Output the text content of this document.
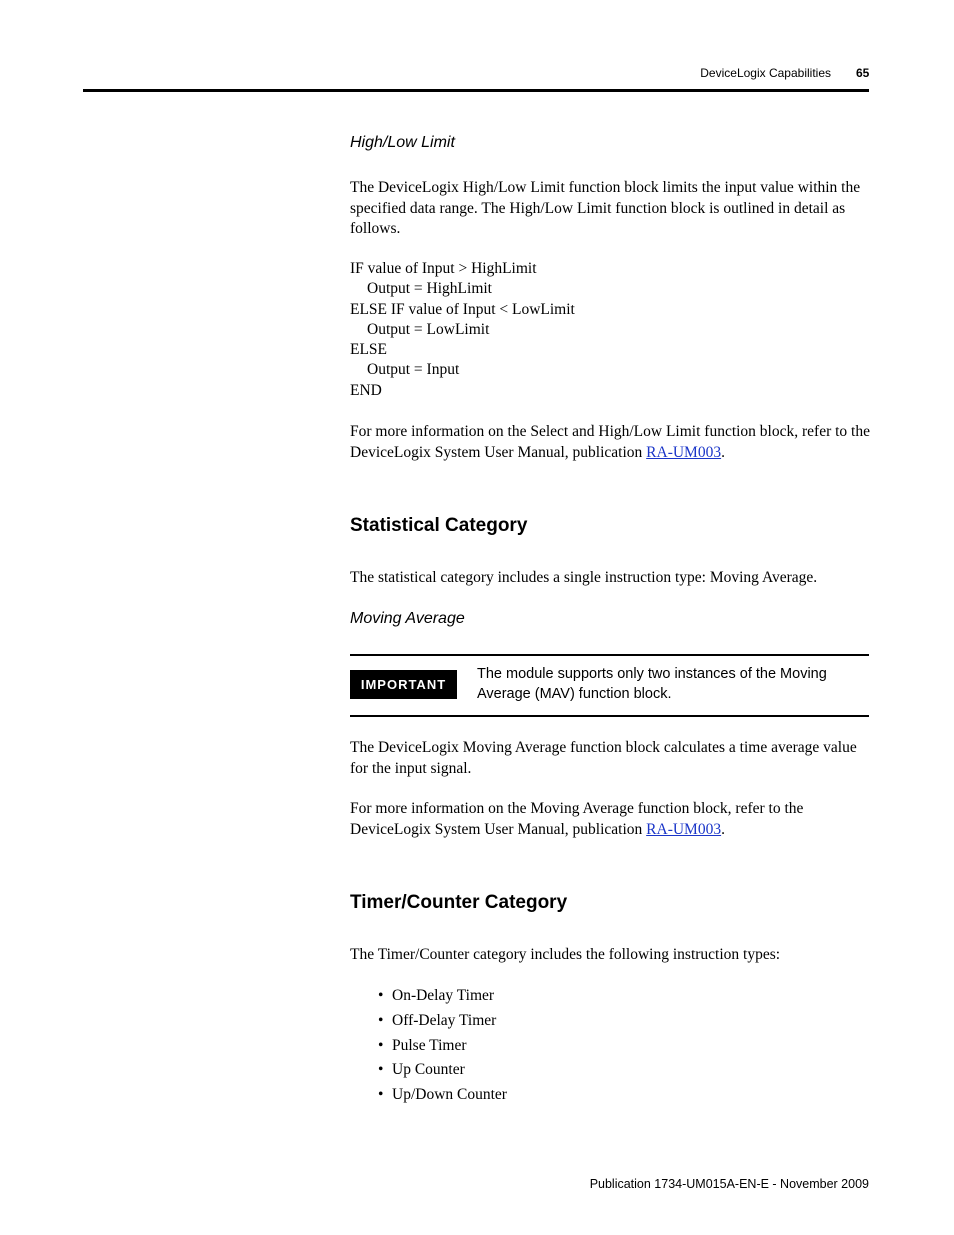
DeviceLogix Capabilities 65
High/Low Limit
The DeviceLogix High/Low Limit function block limits the input value within the specified data range. The High/Low Limit function block is outlined in detail as follows.
IF value of Input > HighLimit
Output = HighLimit
ELSE IF value of Input < LowLimit
Output = LowLimit
ELSE
Output = Input
END
For more information on the Select and High/Low Limit function block, refer to the DeviceLogix System User Manual, publication RA-UM003.
Statistical Category
The statistical category includes a single instruction type: Moving Average.
Moving Average
IMPORTANT
The module supports only two instances of the Moving Average (MAV) function block.
The DeviceLogix Moving Average function block calculates a time average value for the input signal.
For more information on the Moving Average function block, refer to the DeviceLogix System User Manual, publication RA-UM003.
Timer/Counter Category
The Timer/Counter category includes the following instruction types:
• On-Delay Timer
• Off-Delay Timer
• Pulse Timer
• Up Counter
• Up/Down Counter
Publication 1734-UM015A-EN-E - November 2009
